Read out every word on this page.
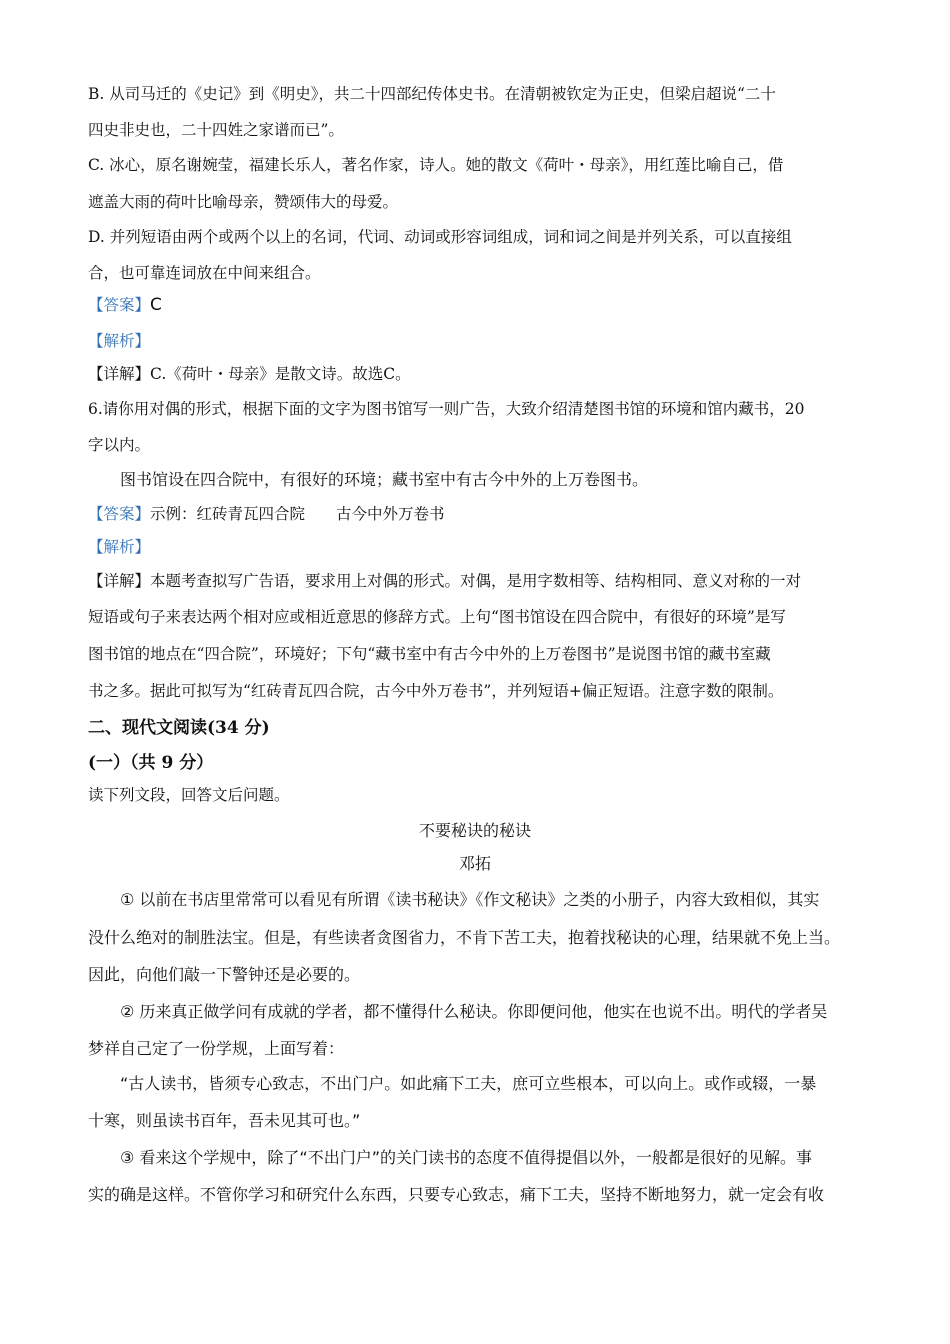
B. 从司马迁的《史记》到《明史》，共二十四部纪传体史书。在清朝被钦定为正史，但梁启超说“二十
四史非史也，二十四姓之家谱而已”。
C. 冰心，原名谢婉莹，福建长乐人，著名作家，诗人。她的散文《荷叶・母亲》，用红莲比喻自己，借
遮盖大雨的荷叶比喻母亲，赞颂伟大的母爱。
D. 并列短语由两个或两个以上的名词，代词、动词或形容词组成，词和词之间是并列关系，可以直接组
合，也可靠连词放在中间来组合。
【答案】C
【解析】
【详解】C.《荷叶・母亲》是散文诗。故选C。
6.请你用对偶的形式，根据下面的文字为图书馆写一则广告，大致介绍清楚图书馆的环境和馆内藏书，20
字以内。
图书馆设在四合院中，有很好的环境；藏书室中有古今中外的上万卷图书。
【答案】示例：红砖青瓦四合院　　古今中外万卷书
【解析】
【详解】本题考查拟写广告语，要求用上对偶的形式。对偶，是用字数相等、结构相同、意义对称的一对
短语或句子来表达两个相对应或相近意思的修辞方式。上句“图书馆设在四合院中，有很好的环境”是写
图书馆的地点在“四合院”，环境好；下句“藏书室中有古今中外的上万卷图书”是说图书馆的藏书室藏
书之多。据此可拟写为“红砖青瓦四合院，古今中外万卷书”，并列短语+偏正短语。注意字数的限制。
二、现代文阅读(34 分)
(一）（共 9 分）
读下列文段，回答文后问题。
不要秘诀的秘诀
邓拓
① 以前在书店里常常可以看见有所谓《读书秘诀》《作文秘诀》之类的小册子，内容大致相似，其实
没什么绝对的制胜法宝。但是，有些读者贪图省力，不肯下苦工夫，抱着找秘诀的心理，结果就不免上当。
因此，向他们敲一下警钟还是必要的。
② 历来真正做学问有成就的学者，都不懂得什么秘诀。你即便问他，他实在也说不出。明代的学者吴
梦祥自己定了一份学规，上面写着：
“古人读书，皆须专心致志，不出门户。如此痛下工夫，庶可立些根本，可以向上。或作或辍，一暴
十寒，则虽读书百年，吾未见其可也。”
③ 看来这个学规中，除了“不出门户”的关门读书的态度不值得提倡以外，一般都是很好的见解。事
实的确是这样。不管你学习和研究什么东西，只要专心致志，痛下工夫，坚持不断地努力，就一定会有收
